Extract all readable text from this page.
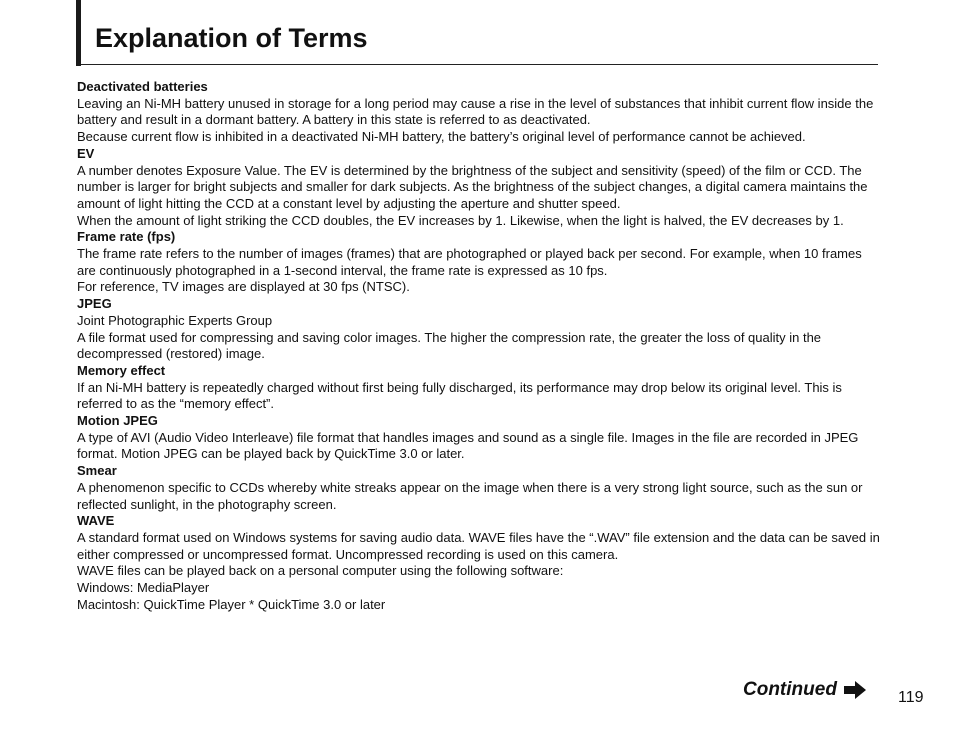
Explanation of Terms

Deactivated batteries

Leaving an Ni-MH battery unused in storage for a long period may cause a rise in the level of substances that inhibit current flow inside the battery and result in a dormant battery. A battery in this state is referred to as deactivated.

Because current flow is inhibited in a deactivated Ni-MH battery, the battery’s original level of performance cannot be achieved.

EV

A number denotes Exposure Value. The EV is determined by the brightness of the subject and sensitivity (speed) of the film or CCD. The number is larger for bright subjects and smaller for dark subjects. As the brightness of the subject changes, a digital camera maintains the amount of light hitting the CCD at a constant level by adjusting the aperture and shutter speed.

When the amount of light striking the CCD doubles, the EV increases by 1. Likewise, when the light is halved, the EV decreases by 1.

Frame rate (fps)

The frame rate refers to the number of images (frames) that are photographed or played back per second. For example, when 10 frames are continuously photographed in a 1-second interval, the frame rate is expressed as 10 fps.

For reference, TV images are displayed at 30 fps (NTSC).

JPEG

Joint Photographic Experts Group

A file format used for compressing and saving color images. The higher the compression rate, the greater the loss of quality in the decompressed (restored) image.

Memory effect

If an Ni-MH battery is repeatedly charged without first being fully discharged, its performance may drop below its original level. This is referred to as the “memory effect”.

Motion JPEG

A type of AVI (Audio Video Interleave) file format that handles images and sound as a single file. Images in the file are recorded in JPEG format. Motion JPEG can be played back by QuickTime 3.0 or later.

Smear

A phenomenon specific to CCDs whereby white streaks appear on the image when there is a very strong light source, such as the sun or reflected sunlight, in the photography screen.

WAVE

A standard format used on Windows systems for saving audio data. WAVE files have the “.WAV” file extension and the data can be saved in either compressed or uncompressed format. Uncompressed recording is used on this camera.

WAVE files can be played back on a personal computer using the following software:

Windows: MediaPlayer

Macintosh: QuickTime Player * QuickTime 3.0 or later

Continued	119
